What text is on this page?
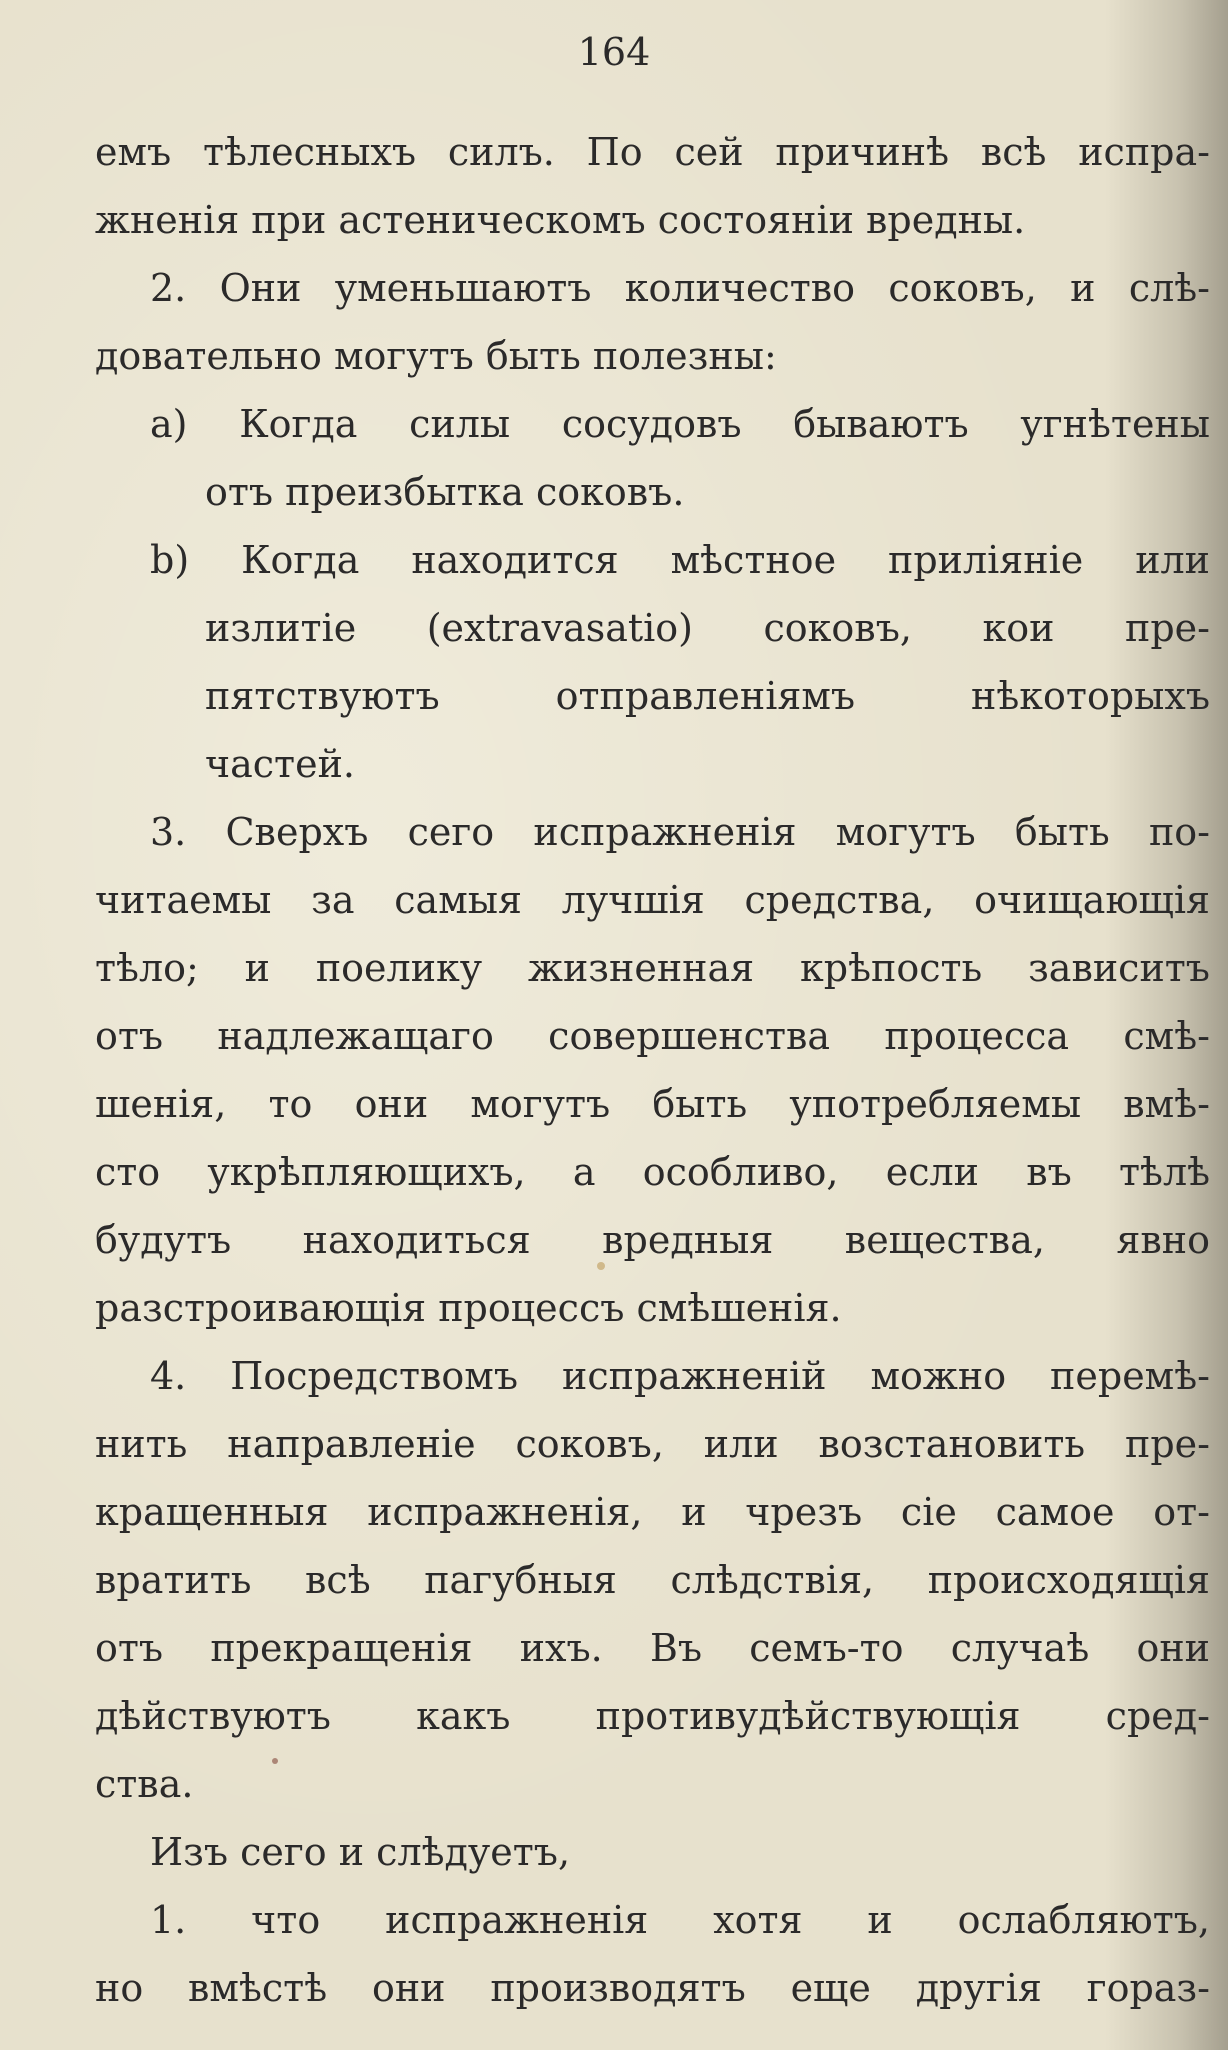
164
емъ тѣлесныхъ силъ. По сей причинѣ всѣ испра-
жненія при астеническомъ состояніи вредны.
2. Они уменьшаютъ количество соковъ, и слѣ-
довательно могутъ быть полезны:
a) Когда силы сосудовъ бываютъ угнѣтены
отъ преизбытка соковъ.
b) Когда находится мѣстное приліяніе или
излитіе (extravasatio) соковъ, кои пре-
пятствуютъ отправленіямъ нѣкоторыхъ
частей.
3. Сверхъ сего испражненія могутъ быть по-
читаемы за самыя лучшія средства, очищающія
тѣло; и поелику жизненная крѣпость зависитъ
отъ надлежащаго совершенства процесса смѣ-
шенія, то они могутъ быть употребляемы вмѣ-
сто укрѣпляющихъ, а особливо, если въ тѣлѣ
будутъ находиться вредныя вещества, явно
разстроивающія процессъ смѣшенія.
4. Посредствомъ испражненій можно перемѣ-
нить направленіе соковъ, или возстановить пре-
кращенныя испражненія, и чрезъ сіе самое от-
вратить всѣ пагубныя слѣдствія, происходящія
отъ прекращенія ихъ. Въ семъ-то случаѣ они
дѣйствуютъ какъ противудѣйствующія сред-
ства.
Изъ сего и слѣдуетъ,
1. что испражненія хотя и ослабляютъ,
но вмѣстѣ они производятъ еще другія гораз-
